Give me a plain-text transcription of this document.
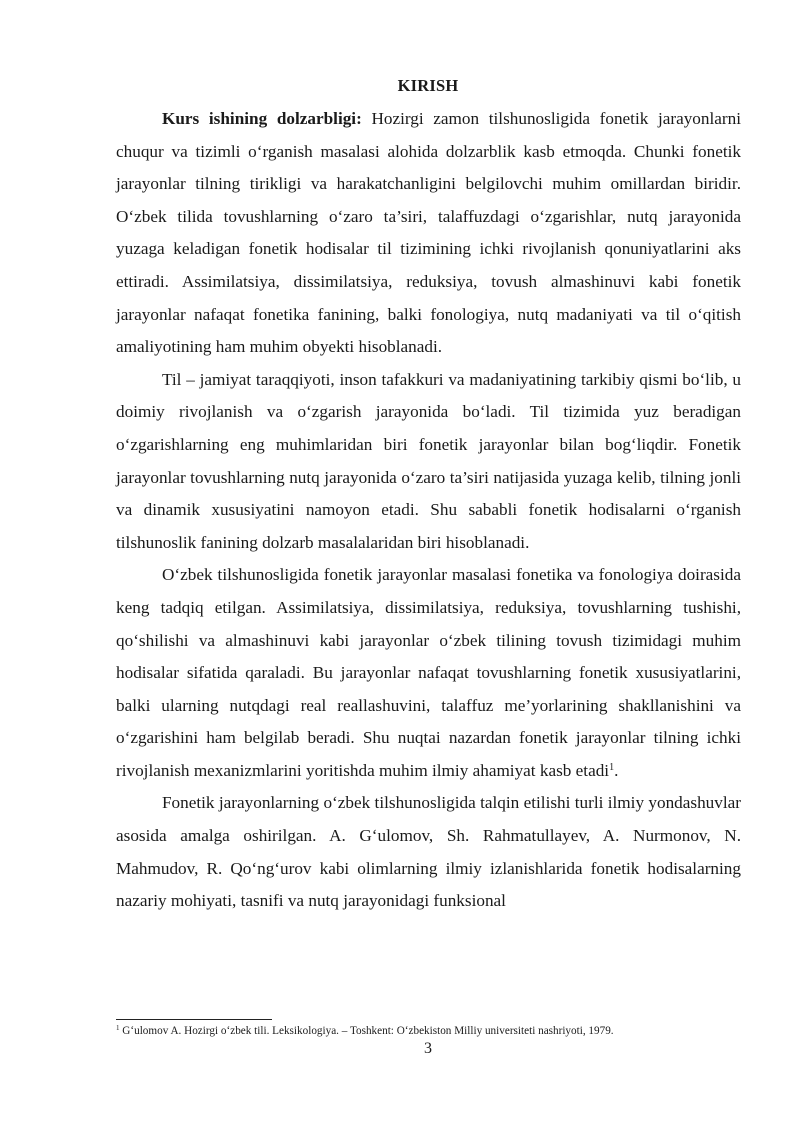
KIRISH

Kurs ishining dolzarbligi: Hozirgi zamon tilshunosligida fonetik jarayonlarni chuqur va tizimli o‘rganish masalasi alohida dolzarblik kasb etmoqda. Chunki fonetik jarayonlar tilning tirikligi va harakatchanligini belgilovchi muhim omillardan biridir. O‘zbek tilida tovushlarning o‘zaro ta’siri, talaffuzdagi o‘zgarishlar, nutq jarayonida yuzaga keladigan fonetik hodisalar til tizimining ichki rivojlanish qonuniyatlarini aks ettiradi. Assimilatsiya, dissimilatsiya, reduksiya, tovush almashinuvi kabi fonetik jarayonlar nafaqat fonetika fanining, balki fonologiya, nutq madaniyati va til o‘qitish amaliyotining ham muhim obyekti hisoblanadi.

Til – jamiyat taraqqiyoti, inson tafakkuri va madaniyatining tarkibiy qismi bo‘lib, u doimiy rivojlanish va o‘zgarish jarayonida bo‘ladi. Til tizimida yuz beradigan o‘zgarishlarning eng muhimlaridan biri fonetik jarayonlar bilan bog‘liqdir. Fonetik jarayonlar tovushlarning nutq jarayonida o‘zaro ta’siri natijasida yuzaga kelib, tilning jonli va dinamik xususiyatini namoyon etadi. Shu sababli fonetik hodisalarni o‘rganish tilshunoslik fanining dolzarb masalalaridan biri hisoblanadi.

O‘zbek tilshunosligida fonetik jarayonlar masalasi fonetika va fonologiya doirasida keng tadqiq etilgan. Assimilatsiya, dissimilatsiya, reduksiya, tovushlarning tushishi, qo‘shilishi va almashinuvi kabi jarayonlar o‘zbek tilining tovush tizimidagi muhim hodisalar sifatida qaraladi. Bu jarayonlar nafaqat tovushlarning fonetik xususiyatlarini, balki ularning nutqdagi real reallashuvini, talaffuz me’yorlarining shakllanishini va o‘zgarishini ham belgilab beradi. Shu nuqtai nazardan fonetik jarayonlar tilning ichki rivojlanish mexanizmlarini yoritishda muhim ilmiy ahamiyat kasb etadi$^1$.

Fonetik jarayonlarning o‘zbek tilshunosligida talqin etilishi turli ilmiy yondashuvlar asosida amalga oshirilgan. A. G‘ulomov, Sh. Rahmatullayev, A. Nurmonov, N. Mahmudov, R. Qo‘ng‘urov kabi olimlarning ilmiy izlanishlarida fonetik hodisalarning nazariy mohiyati, tasnifi va nutq jarayonidagi funksional

$^1$ G‘ulomov A. Hozirgi o‘zbek tili. Leksikologiya. – Toshkent: O‘zbekiston Milliy universiteti nashriyoti, 1979.
3
